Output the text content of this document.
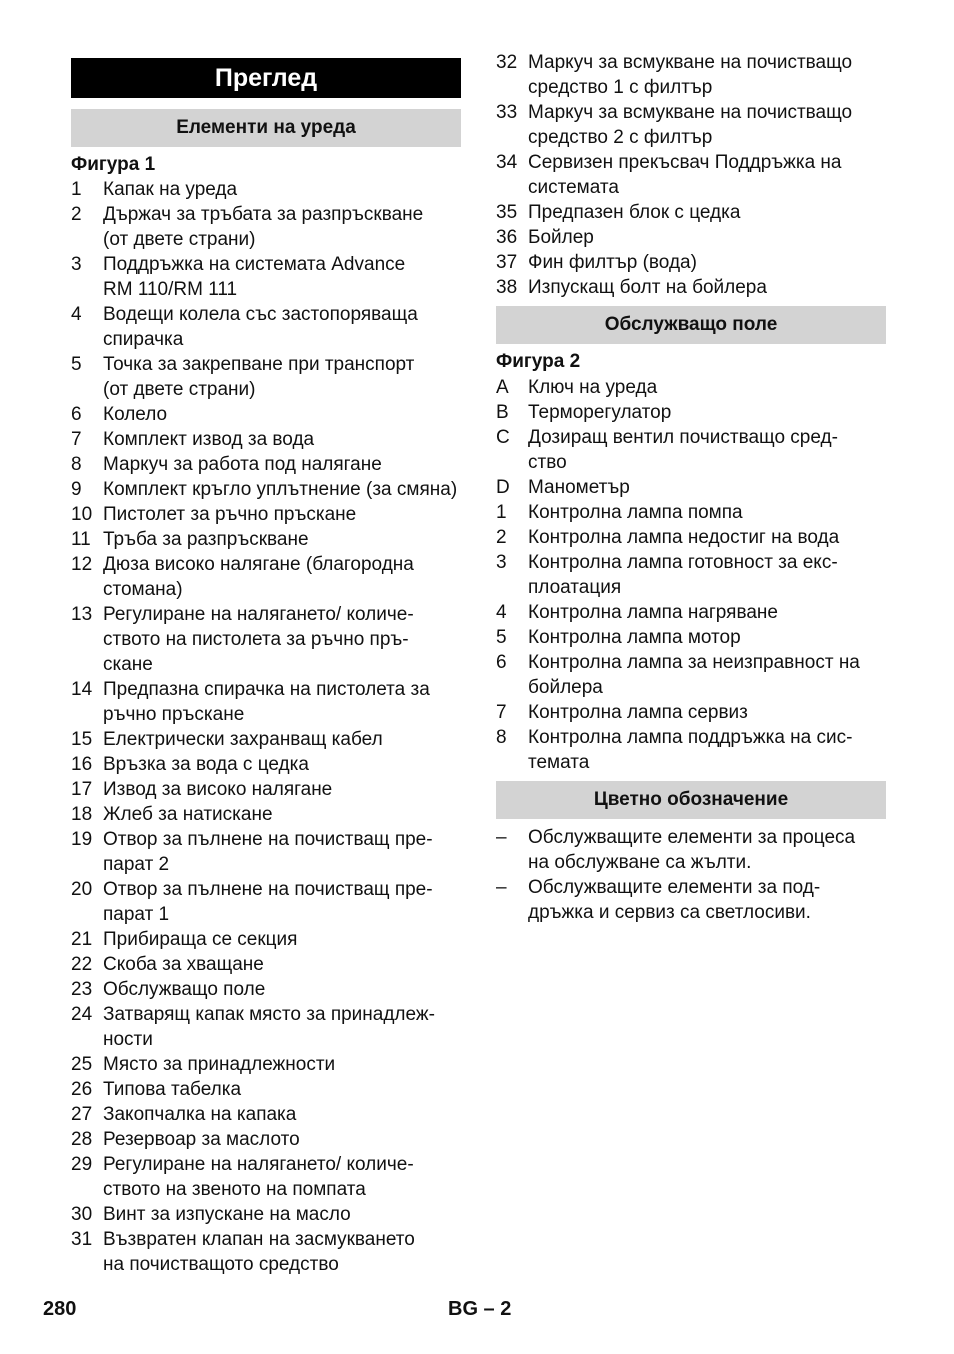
Преглед
Елементи на уреда
Фигура 1
1	Капак на уреда
2	Държач за тръбата за разпръскване
(от двете страни)
3	Поддръжка на системата Advance
RM 110/RM 111
4	Водещи колела със застопоряваща
спирачка
5	Точка за закрепване при транспорт
(от двете страни)
6	Колело
7	Комплект извод за вода
8	Маркуч за работа под налягане
9	Комплект кръгло уплътнение (за смяна)
10 Пистолет за ръчно пръскане
11 Тръба за разпръскване
12 Дюза високо налягане (благородна
стомана)
13 Регулиране на налягането/ количе-
ството на пистолета за ръчно пръ-
скане
14 Предпазна спирачка на пистолета за
ръчно пръскане
15 Електрически захранващ кабел
16 Връзка за вода с цедка
17 Извод за високо налягане
18 Жлеб за натискане
19 Отвор за пълнене на почистващ пре-
парат 2
20 Отвор за пълнене на почистващ пре-
парат 1
21 Прибираща се секция
22 Скоба за хващане
23 Обслужващо поле
24 Затварящ капак място за принадлеж-
ности
25 Място за принадлежности
26 Типова табелка
27 Закопчалка на капака
28 Резервоар за маслото
29 Регулиране на налягането/ количе-
ството на звеното на помпата
30 Винт за изпускане на масло
31 Възвратен клапан на засмукването
на почистващото средство
32 Маркуч за всмукване на почистващо
средство 1 с филтър
33 Маркуч за всмукване на почистващо
средство 2 с филтър
34 Сервизен прекъсвач Поддръжка на
системата
35 Предпазен блок с цедка
36 Бойлер
37 Фин филтър (вода)
38 Изпускащ болт на бойлера
Обслужващо поле
Фигура 2
A	Ключ на уреда
B	Терморегулатор
C Дозиращ вентил почистващо сред-
ство
D Манометър
1	Контролна лампа помпа
2	Контролна лампа недостиг на вода
3	Контролна лампа готовност за екс-
плоатация
4	Контролна лампа нагряване
5	Контролна лампа мотор
6	Контролна лампа за неизправност на
бойлера
7	Контролна лампа сервиз
8	Контролна лампа поддръжка на сис-
темата
Цветно обозначение
–	Обслужващите елементи за процеса
на обслужване са жълти.
–	Обслужващите елементи за под-
дръжка и сервиз са светлосиви.
280	BG – 2
